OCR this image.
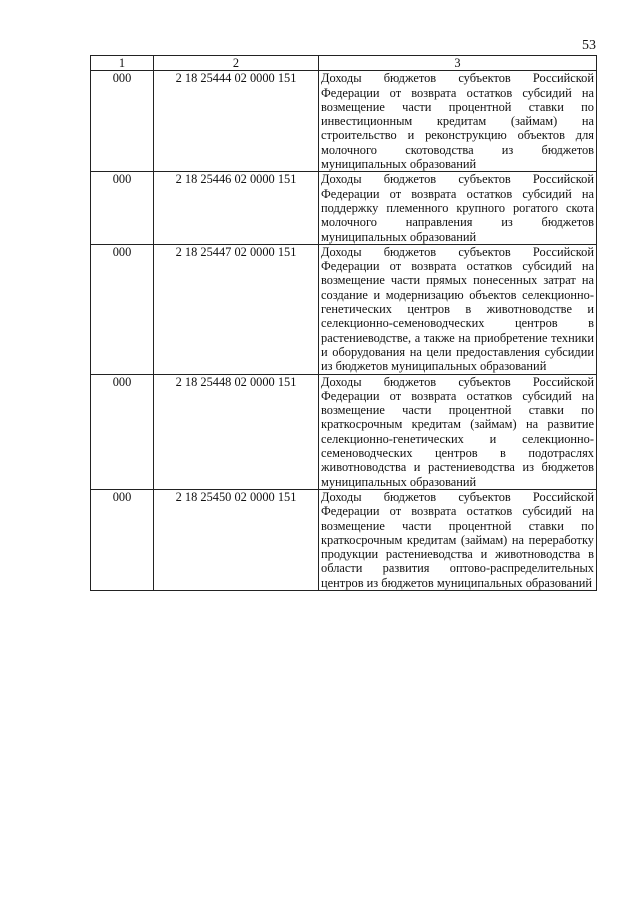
53
1	2	3
000	2 18 25444 02 0000 151	Доходы бюджетов субъектов Российской Федерации от возврата остатков субсидий на возмещение части процентной ставки по инвестиционным кредитам (займам) на строительство и реконструкцию объектов для молочного скотоводства из бюджетов муниципальных образований
000	2 18 25446 02 0000 151	Доходы бюджетов субъектов Российской Федерации от возврата остатков субсидий на поддержку племенного крупного рогатого скота молочного направления из бюджетов муниципальных образований
000	2 18 25447 02 0000 151	Доходы бюджетов субъектов Российской Федерации от возврата остатков субсидий на возмещение части прямых понесенных затрат на создание и модернизацию объектов селекционно-генетических центров в животноводстве и селекционно-семеноводческих центров в растениеводстве, а также на приобретение техники и оборудования на цели предоставления субсидии из бюджетов муниципальных образований
000	2 18 25448 02 0000 151	Доходы бюджетов субъектов Российской Федерации от возврата остатков субсидий на возмещение части процентной ставки по краткосрочным кредитам (займам) на развитие селекционно-генетических и селекционно-семеноводческих центров в подотраслях животноводства и растениеводства из бюджетов муниципальных образований
000	2 18 25450 02 0000 151	Доходы бюджетов субъектов Российской Федерации от возврата остатков субсидий на возмещение части процентной ставки по краткосрочным кредитам (займам) на переработку продукции растениеводства и животноводства в области развития оптово-распределительных центров из бюджетов муниципальных образований
